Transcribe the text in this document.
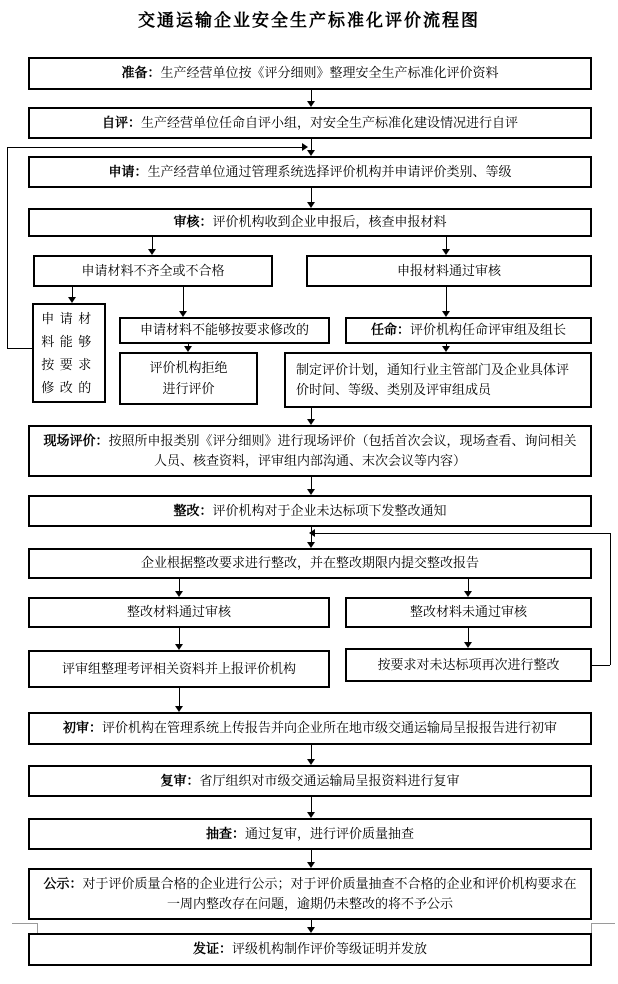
交通运输企业安全生产标准化评价流程图
准备：生产经营单位按《评分细则》整理安全生产标准化评价资料
自评：生产经营单位任命自评小组，对安全生产标准化建设情况进行自评
申请：生产经营单位通过管理系统选择评价机构并申请评价类别、等级
审核：评价机构收到企业申报后，核查申报材料
申请材料不齐全或不合格	申报材料通过审核
申请材
料能够
按要求
修改的
申请材料不能够按要求修改的	任命：评价机构任命评审组及组长
评价机构拒绝
进行评价
制定评价计划，通知行业主管部门及企业具体评价时间、等级、类别及评审组成员
现场评价：按照所申报类别《评分细则》进行现场评价（包括首次会议，现场查看、询问相关人员、核查资料，评审组内部沟通、末次会议等内容）
整改：评价机构对于企业未达标项下发整改通知
企业根据整改要求进行整改，并在整改期限内提交整改报告
整改材料通过审核	整改材料未通过审核
评审组整理考评相关资料并上报评价机构	按要求对未达标项再次进行整改
初审：评价机构在管理系统上传报告并向企业所在地市级交通运输局呈报报告进行初审
复审：省厅组织对市级交通运输局呈报资料进行复审
抽查：通过复审，进行评价质量抽查
公示：对于评价质量合格的企业进行公示；对于评价质量抽查不合格的企业和评价机构要求在一周内整改存在问题，逾期仍未整改的将不予公示
发证：评级机构制作评价等级证明并发放
